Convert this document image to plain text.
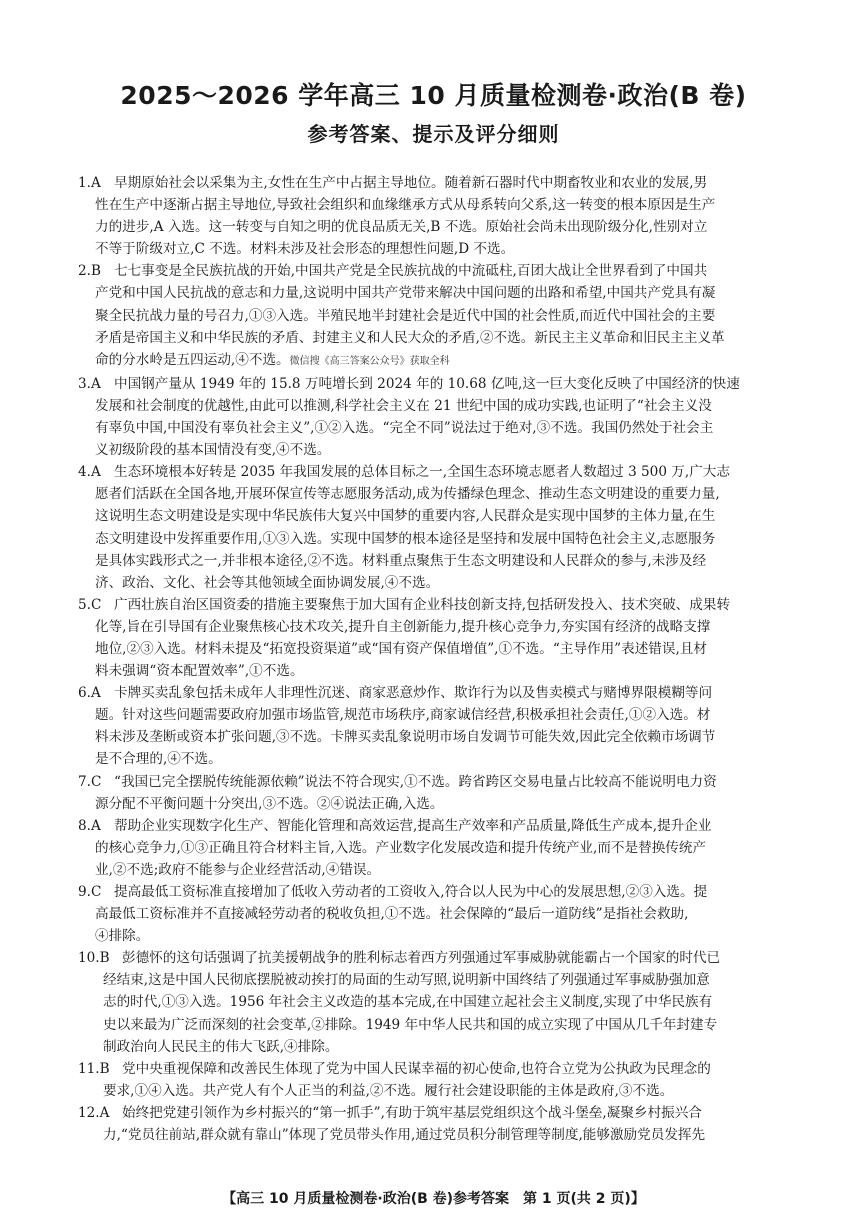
2025～2026 学年高三 10 月质量检测卷·政治(B 卷)
参考答案、提示及评分细则
1.A 早期原始社会以采集为主,女性在生产中占据主导地位。随着新石器时代中期畜牧业和农业的发展,男
性在生产中逐渐占据主导地位,导致社会组织和血缘继承方式从母系转向父系,这一转变的根本原因是生产
力的进步,A 入选。这一转变与自知之明的优良品质无关,B 不选。原始社会尚未出现阶级分化,性别对立
不等于阶级对立,C 不选。材料未涉及社会形态的理想性问题,D 不选。
2.B 七七事变是全民族抗战的开始,中国共产党是全民族抗战的中流砥柱,百团大战让全世界看到了中国共
产党和中国人民抗战的意志和力量,这说明中国共产党带来解决中国问题的出路和希望,中国共产党具有凝
聚全民抗战力量的号召力,①③入选。半殖民地半封建社会是近代中国的社会性质,而近代中国社会的主要
矛盾是帝国主义和中华民族的矛盾、封建主义和人民大众的矛盾,②不选。新民主主义革命和旧民主主义革
命的分水岭是五四运动,④不选。微信搜《高三答案公众号》获取全科
3.A 中国钢产量从 1949 年的 15.8 万吨增长到 2024 年的 10.68 亿吨,这一巨大变化反映了中国经济的快速
发展和社会制度的优越性,由此可以推测,科学社会主义在 21 世纪中国的成功实践,也证明了“社会主义没
有辜负中国,中国没有辜负社会主义”,①②入选。“完全不同”说法过于绝对,③不选。我国仍然处于社会主
义初级阶段的基本国情没有变,④不选。
4.A 生态环境根本好转是 2035 年我国发展的总体目标之一,全国生态环境志愿者人数超过 3 500 万,广大志
愿者们活跃在全国各地,开展环保宣传等志愿服务活动,成为传播绿色理念、推动生态文明建设的重要力量,
这说明生态文明建设是实现中华民族伟大复兴中国梦的重要内容,人民群众是实现中国梦的主体力量,在生
态文明建设中发挥重要作用,①③入选。实现中国梦的根本途径是坚持和发展中国特色社会主义,志愿服务
是具体实践形式之一,并非根本途径,②不选。材料重点聚焦于生态文明建设和人民群众的参与,未涉及经
济、政治、文化、社会等其他领域全面协调发展,④不选。
5.C 广西壮族自治区国资委的措施主要聚焦于加大国有企业科技创新支持,包括研发投入、技术突破、成果转
化等,旨在引导国有企业聚焦核心技术攻关,提升自主创新能力,提升核心竞争力,夯实国有经济的战略支撑
地位,②③入选。材料未提及“拓宽投资渠道”或“国有资产保值增值”,①不选。“主导作用”表述错误,且材
料未强调“资本配置效率”,①不选。
6.A 卡牌买卖乱象包括未成年人非理性沉迷、商家恶意炒作、欺诈行为以及售卖模式与赌博界限模糊等问
题。针对这些问题需要政府加强市场监管,规范市场秩序,商家诚信经营,积极承担社会责任,①②入选。材
料未涉及垄断或资本扩张问题,③不选。卡牌买卖乱象说明市场自发调节可能失效,因此完全依赖市场调节
是不合理的,④不选。
7.C “我国已完全摆脱传统能源依赖”说法不符合现实,①不选。跨省跨区交易电量占比较高不能说明电力资
源分配不平衡问题十分突出,③不选。②④说法正确,入选。
8.A 帮助企业实现数字化生产、智能化管理和高效运营,提高生产效率和产品质量,降低生产成本,提升企业
的核心竞争力,①③正确且符合材料主旨,入选。产业数字化发展改造和提升传统产业,而不是替换传统产
业,②不选;政府不能参与企业经营活动,④错误。
9.C 提高最低工资标准直接增加了低收入劳动者的工资收入,符合以人民为中心的发展思想,②③入选。提
高最低工资标准并不直接减轻劳动者的税收负担,①不选。社会保障的“最后一道防线”是指社会救助,
④排除。
10.B 彭德怀的这句话强调了抗美援朝战争的胜利标志着西方列强通过军事威胁就能霸占一个国家的时代已
经结束,这是中国人民彻底摆脱被动挨打的局面的生动写照,说明新中国终结了列强通过军事威胁强加意
志的时代,①③入选。1956 年社会主义改造的基本完成,在中国建立起社会主义制度,实现了中华民族有
史以来最为广泛而深刻的社会变革,②排除。1949 年中华人民共和国的成立实现了中国从几千年封建专
制政治向人民民主的伟大飞跃,④排除。
11.B 党中央重视保障和改善民生体现了党为中国人民谋幸福的初心使命,也符合立党为公执政为民理念的
要求,①④入选。共产党人有个人正当的利益,②不选。履行社会建设职能的主体是政府,③不选。
12.A 始终把党建引领作为乡村振兴的“第一抓手”,有助于筑牢基层党组织这个战斗堡垒,凝聚乡村振兴合
力,“党员往前站,群众就有靠山”体现了党员带头作用,通过党员积分制管理等制度,能够激励党员发挥先
【高三 10 月质量检测卷·政治(B 卷)参考答案　第 1 页(共 2 页)】
